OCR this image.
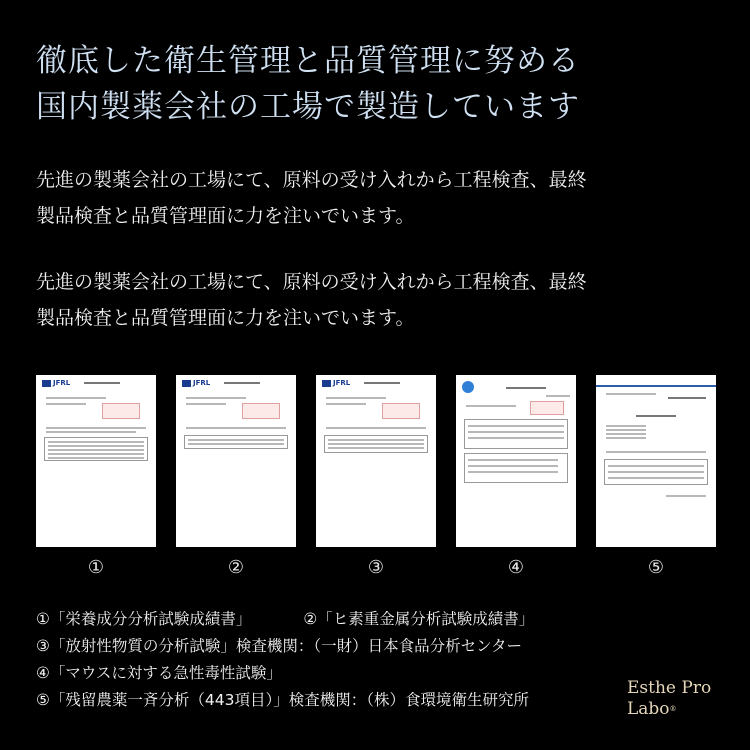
徹底した衛生管理と品質管理に努める
国内製薬会社の工場で製造しています
先進の製薬会社の工場にて、原料の受け入れから工程検査、最終
製品検査と品質管理面に力を注いでいます。
先進の製薬会社の工場にて、原料の受け入れから工程検査、最終
製品検査と品質管理面に力を注いでいます。
JFRL	JFRL	JFRL
①	②	③	④	⑤
①「栄養成分分析試験成績書」	②「ヒ素重金属分析試験成績書」
③「放射性物質の分析試験」検査機関：（一財）日本食品分析センター
④「マウスに対する急性毒性試験」
⑤「残留農薬一斉分析（443項目）」検査機関：（株）食環境衛生研究所
Esthe Pro
Labo®
